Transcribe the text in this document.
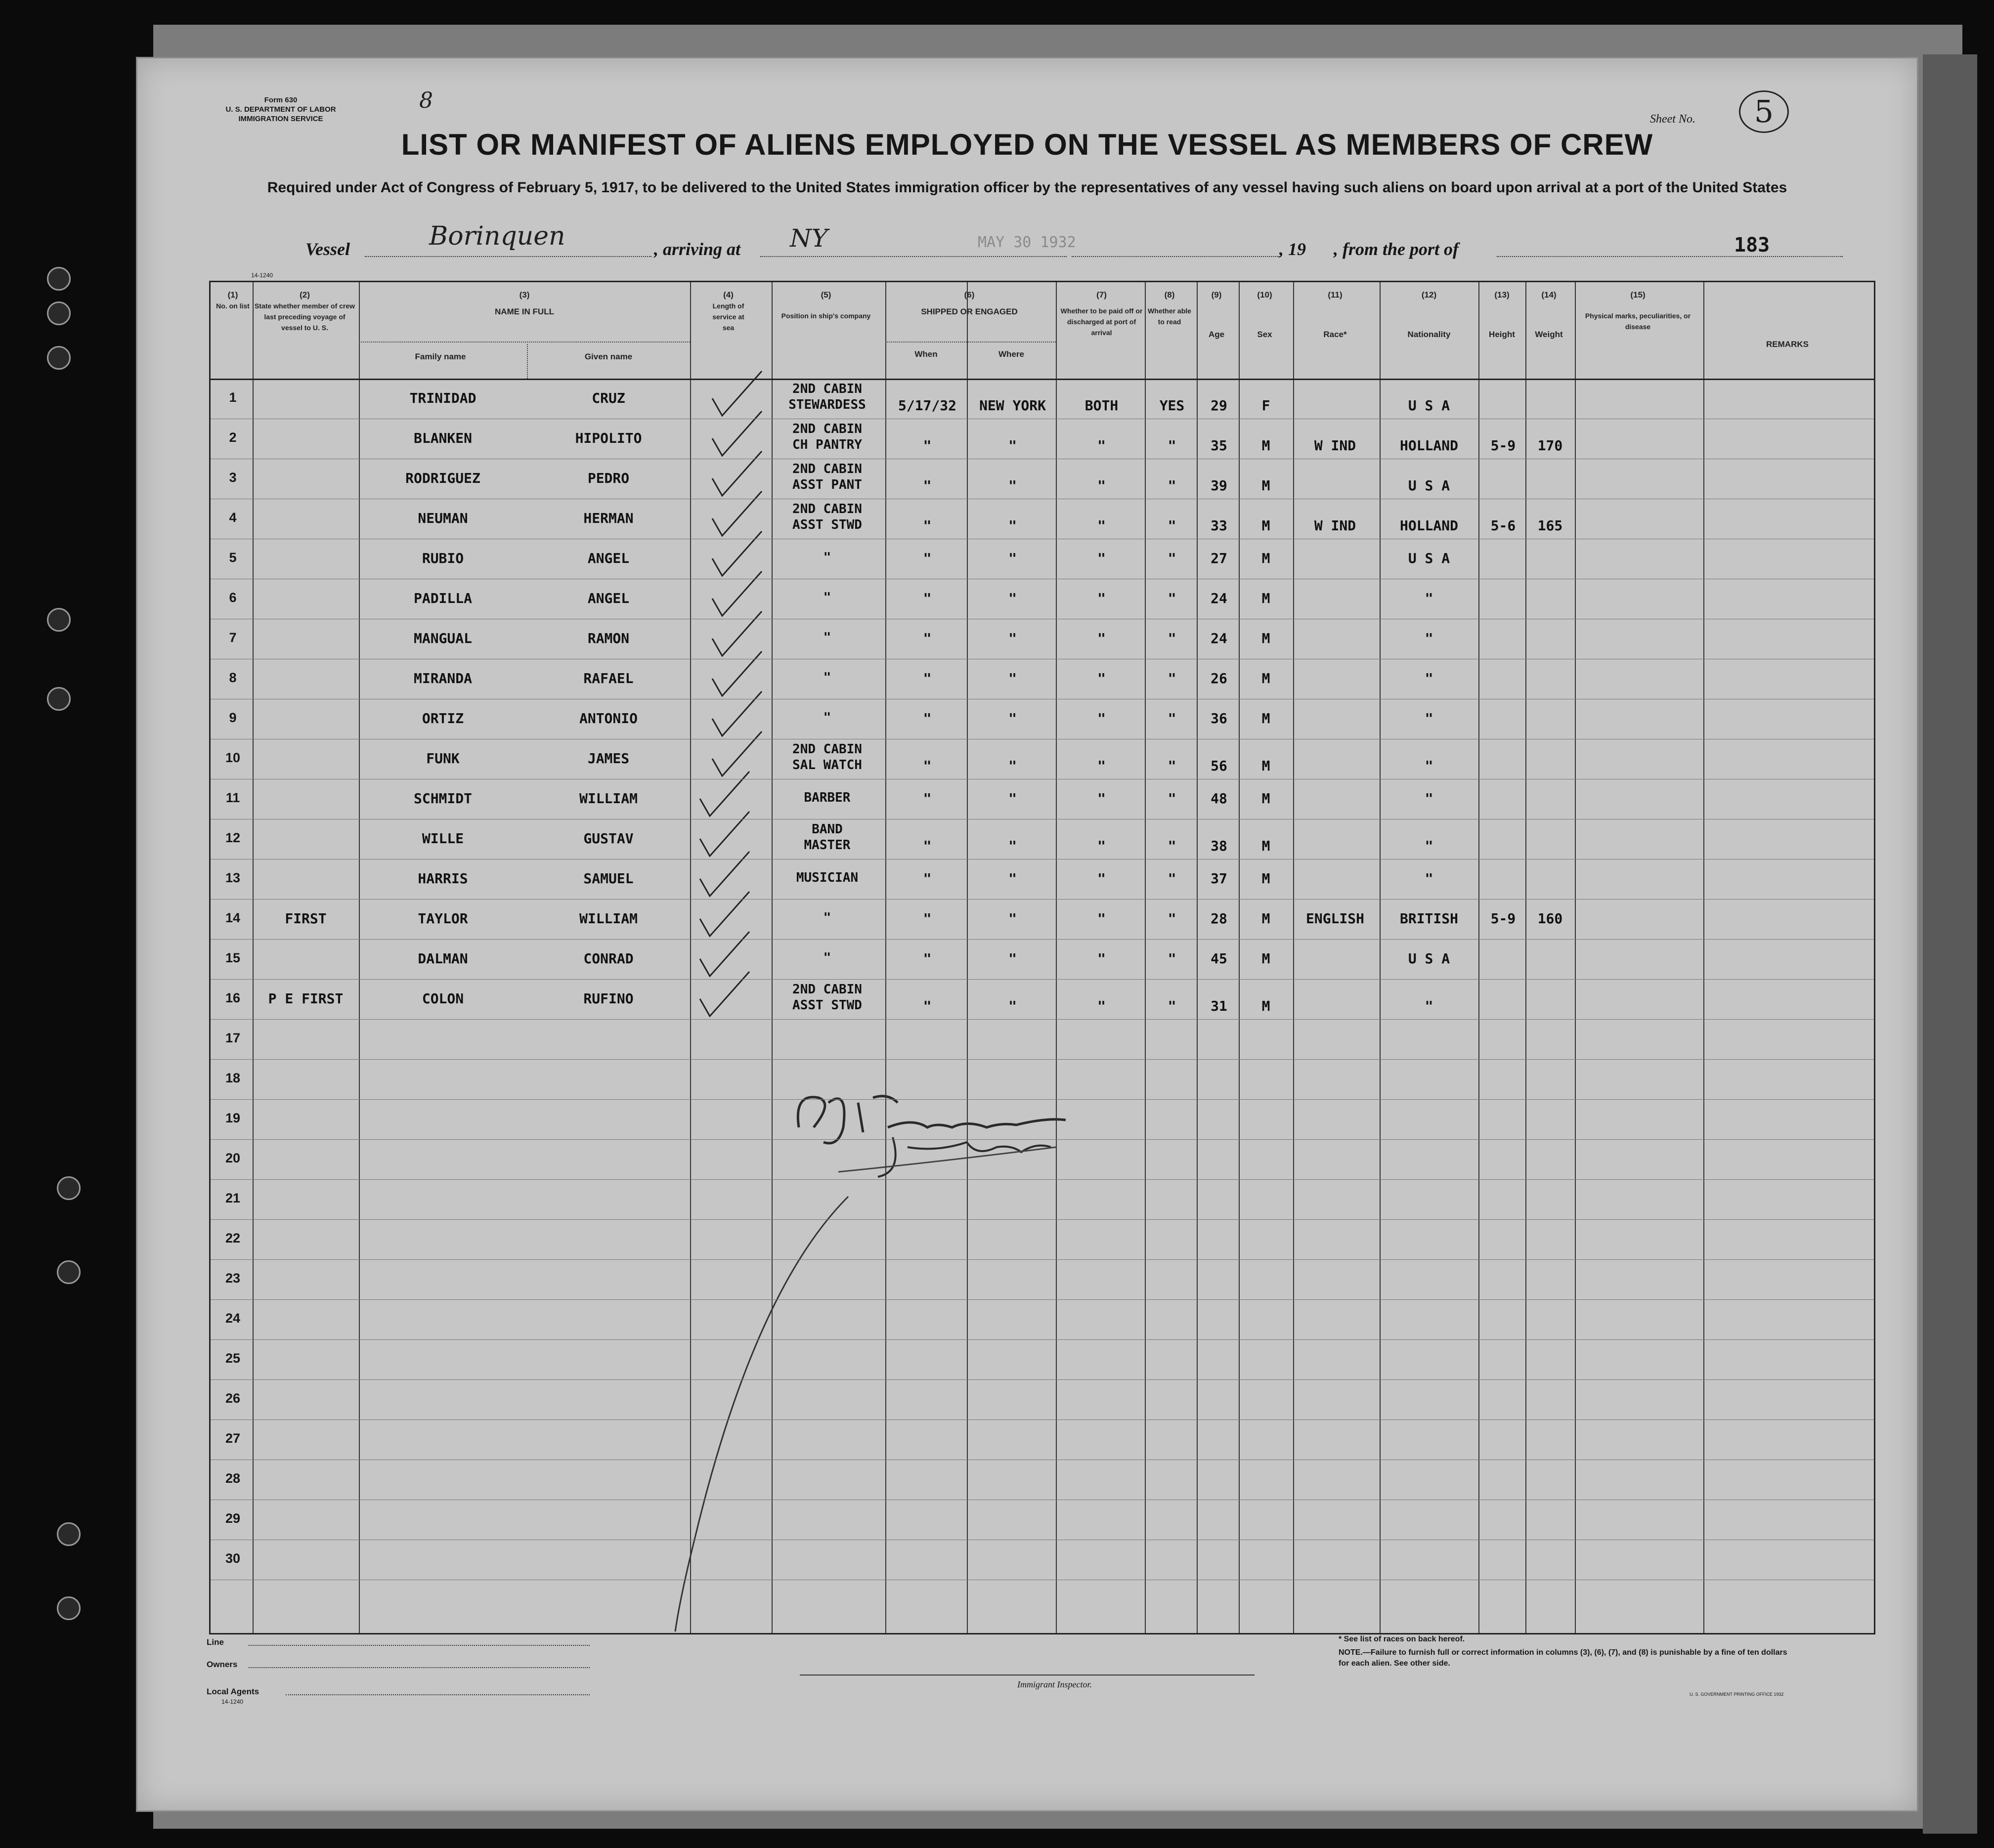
Form 630
U. S. DEPARTMENT OF LABOR
IMMIGRATION SERVICE
8
Sheet No.	5
LIST OR MANIFEST OF ALIENS EMPLOYED ON THE VESSEL AS MEMBERS OF CREW
Required under Act of Congress of February 5, 1917, to be delivered to the United States immigration officer by the representatives of any vessel having such aliens on board upon arrival at a port of the United States
Vessel	Borinquen	, arriving at NY	MAY 30 1932	, 19 , from the port of	183
14-1240
(1)
No. on list
(2)
State whether member of crew last preceding voyage of vessel to U. S.
(3)
NAME IN FULL
Family name	Given name
(4)
Length of service at sea
(5)
Position in ship's company
(6)
SHIPPED OR ENGAGED
When	Where
(7)
Whether to be paid off or discharged at port of arrival
(8)
Whether able to read
(9)
Age
(10)
Sex
(11)
Race*
(12)
Nationality
(13)
Height
(14)
Weight
(15)
Physical marks, peculiarities, or disease
REMARKS
1	TRINIDAD	CRUZ
2ND CABIN
STEWARDESS	5/17/32	NEW YORK	BOTH	YES	29	F	U S A
2	BLANKEN	HIPOLITO
2ND CABIN
CH PANTRY	"	"	"	"	35	M	W IND	HOLLAND	5-9	170
3	RODRIGUEZ	PEDRO
2ND CABIN
ASST PANT	"	"	"	"	39	M	U S A
4	NEUMAN	HERMAN
2ND CABIN
ASST STWD	"	"	"	"	33	M	W IND	HOLLAND	5-6	165
5	RUBIO	ANGEL	"	"	"	"	"	27	M	U S A
6	PADILLA	ANGEL	"	"	"	"	"	24	M	"
7	MANGUAL	RAMON	"	"	"	"	"	24	M	"
8	MIRANDA	RAFAEL	"	"	"	"	"	26	M	"
9	ORTIZ	ANTONIO	"	"	"	"	"	36	M	"
10	FUNK	JAMES
2ND CABIN
SAL WATCH	"	"	"	"	56	M	"
11	SCHMIDT	WILLIAM	BARBER	"	"	"	"	48	M	"
12	WILLE	GUSTAV
BAND
MASTER	"	"	"	"	38	M	"
13	HARRIS	SAMUEL	MUSICIAN	"	"	"	"	37	M	"
14	FIRST	TAYLOR	WILLIAM	"	"	"	"	"	28	M	ENGLISH	BRITISH	5-9	160
15	DALMAN	CONRAD	"	"	"	"	"	45	M	U S A
16	P E FIRST	COLON	RUFINO
2ND CABIN
ASST STWD	"	"	"	"	31	M	"
17
18
19
20
21
22
23
24
25
26
27
28
29
30
Line
Owners
Local Agents
14-1240
Immigrant Inspector.
* See list of races on back hereof.
NOTE.—Failure to furnish full or correct information in columns (3), (6), (7), and (8) is punishable by a fine of ten dollars for each alien. See other side.
U. S. GOVERNMENT PRINTING OFFICE 1932
